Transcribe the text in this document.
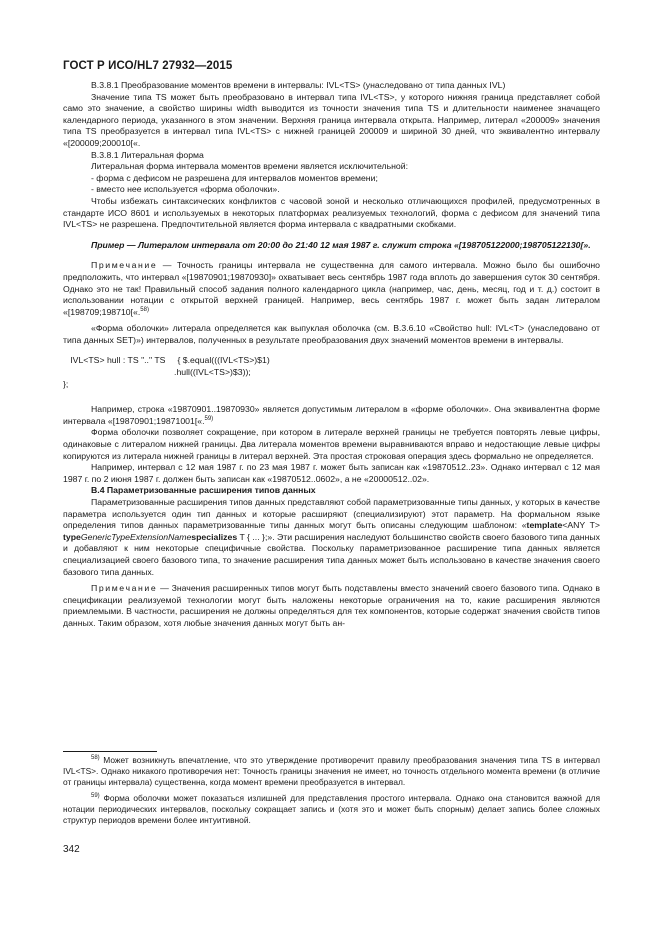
ГОСТ Р ИСО/HL7 27932—2015

В.3.8.1 Преобразование моментов времени в интервалы: IVL<TS> (унаследовано от типа данных IVL)

Значение типа TS может быть преобразовано в интервал типа IVL<TS>, у которого нижняя граница представляет собой само это значение, а свойство ширины width выводится из точности значения типа TS и длительности наименее значащего календарного периода, указанного в этом значении. Верхняя граница интервала открыта. Например, литерал «200009» значения типа TS преобразуется в интервал типа IVL<TS> с нижней границей 200009 и шириной 30 дней, что эквивалентно интервалу «[200009;200010[«.

В.3.8.1 Литеральная форма

Литеральная форма интервала моментов времени является исключительной:

- форма с дефисом не разрешена для интервалов моментов времени;

- вместо нее используется «форма оболочки».

Чтобы избежать синтаксических конфликтов с часовой зоной и несколько отличающихся профилей, предусмотренных в стандарте ИСО 8601 и используемых в некоторых платформах реализуемых технологий, форма с дефисом для значений типа IVL<TS> не разрешена. Предпочтительной является форма интервала с квадратными скобками.

Пример — Литералом интервала от 20:00 до 21:40 12 мая 1987 г. служит строка «[198705122000;198705122130[».

Примечание — Точность границы интервала не существенна для самого интервала. Можно было бы ошибочно предположить, что интервал «[19870901;19870930]» охватывает весь сентябрь 1987 года вплоть до завершения суток 30 сентября. Однако это не так! Правильный способ задания полного календарного цикла (например, час, день, месяц, год и т. д.) состоит в использовании нотации с открытой верхней границей. Например, весь сентябрь 1987 г. может быть задан литералом «[198709;198710[«.$^{58)}$

«Форма оболочки» литерала определяется как выпуклая оболочка (см. В.3.6.10 «Свойство hull: IVL<T> (унаследовано от типа данных SET)») интервалов, полученных в результате преобразования двух значений моментов времени в интервалы.

IVL<TS> hull : TS ".." TS     { $.equal(((IVL<TS>)$1)
.hull((IVL<TS>)$3));
};

Например, строка «19870901..19870930» является допустимым литералом в «форме оболочки». Она эквивалентна форме интервала «[19870901;19871001[«.$^{59)}$

Форма оболочки позволяет сокращение, при котором в литерале верхней границы не требуется повторять левые цифры, одинаковые с литералом нижней границы. Два литерала моментов времени выравниваются вправо и недостающие левые цифры копируются из литерала нижней границы в литерал верхней. Эта простая строковая операция здесь формально не определяется.

Например, интервал с 12 мая 1987 г. по 23 мая 1987 г. может быть записан как «19870512..23». Однако интервал с 12 мая 1987 г. по 2 июня 1987 г. должен быть записан как «19870512..0602», а не «20000512..02».

В.4 Параметризованные расширения типов данных

Параметризованные расширения типов данных представляют собой параметризованные типы данных, у которых в качестве параметра используется один тип данных и которые расширяют (специализируют) этот параметр. На формальном языке определения типов данных параметризованные типы данных могут быть описаны следующим шаблоном: «template<ANY T> typeGenericTypeExtensionNamespecializes T { ... };». Эти расширения наследуют большинство свойств своего базового типа данных и добавляют к ним некоторые специфичные свойства. Поскольку параметризованное расширение типа данных является специализацией своего базового типа, то значение расширения типа данных может быть использовано в качестве значения своего базового типа данных.

Примечание — Значения расширенных типов могут быть подставлены вместо значений своего базового типа. Однако в спецификации реализуемой технологии могут быть наложены некоторые ограничения на то, какие расширения являются приемлемыми. В частности, расширения не должны определяться для тех компонентов, которые содержат значения свойств типов данных. Таким образом, хотя любые значения данных могут быть ан-

$^{58)}$ Может возникнуть впечатление, что это утверждение противоречит правилу преобразования значения типа TS в интервал IVL<TS>. Однако никакого противоречия нет: Точность границы значения не имеет, но точность отдельного момента времени (в отличие от границы интервала) существенна, когда момент времени преобразуется в интервал.

$^{59)}$ Форма оболочки может показаться излишней для представления простого интервала. Однако она становится важной для нотации периодических интервалов, поскольку сокращает запись и (хотя это и может быть спорным) делает запись более сложных структур периодов времени более интуитивной.

342
